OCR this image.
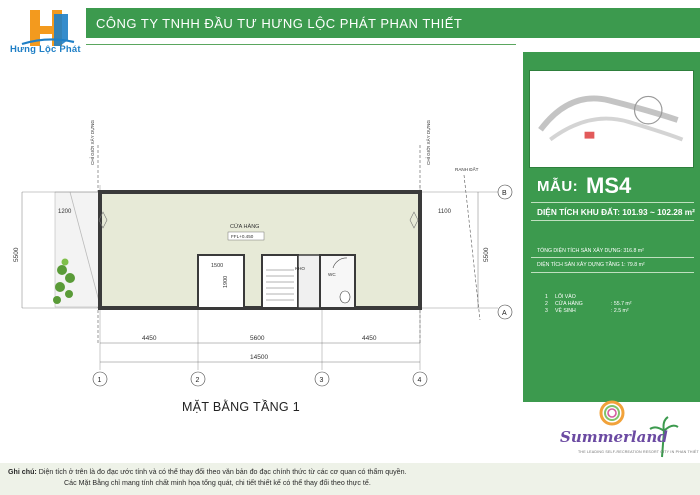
Hưng Lộc Phát
CÔNG TY TNHH ĐẦU TƯ HƯNG LỘC PHÁT PHAN THIẾT
CHỈ GIỚI XÂY DỰNG	CHỈ GIỚI XÂY DỰNG
RANH ĐẤT
CỬA HÀNG
FFL+0.450
KHO
WC
1500
1900
1200	1100
5500	5500
4450	5600	4450
14500
1	2	3	4
B
A
MẶT BẰNG TẦNG 1
MẪU: MS4
DIỆN TÍCH KHU ĐẤT: 101.93 ~ 102.28 m²
TỔNG DIỆN TÍCH SÀN XÂY DỰNG: 316.8 m²
DIỆN TÍCH SÀN XÂY DỰNG TẦNG 1: 79.8 m²
1 LỐI VÀO
2 CỬA HÀNG	: 55.7 m²
3 VỆ SINH	: 2.5 m²
Summerland
THE LEADING SELF-RECREATION RESORT CITY IN PHAN THIẾT
Ghi chú: Diện tích ở trên là đo đạc ước tính và có thể thay đổi theo văn bản đo đạc chính thức từ các cơ quan có thẩm quyền.
Các Mặt Bằng chỉ mang tính chất minh họa tổng quát, chi tiết thiết kế có thể thay đổi theo thực tế.
